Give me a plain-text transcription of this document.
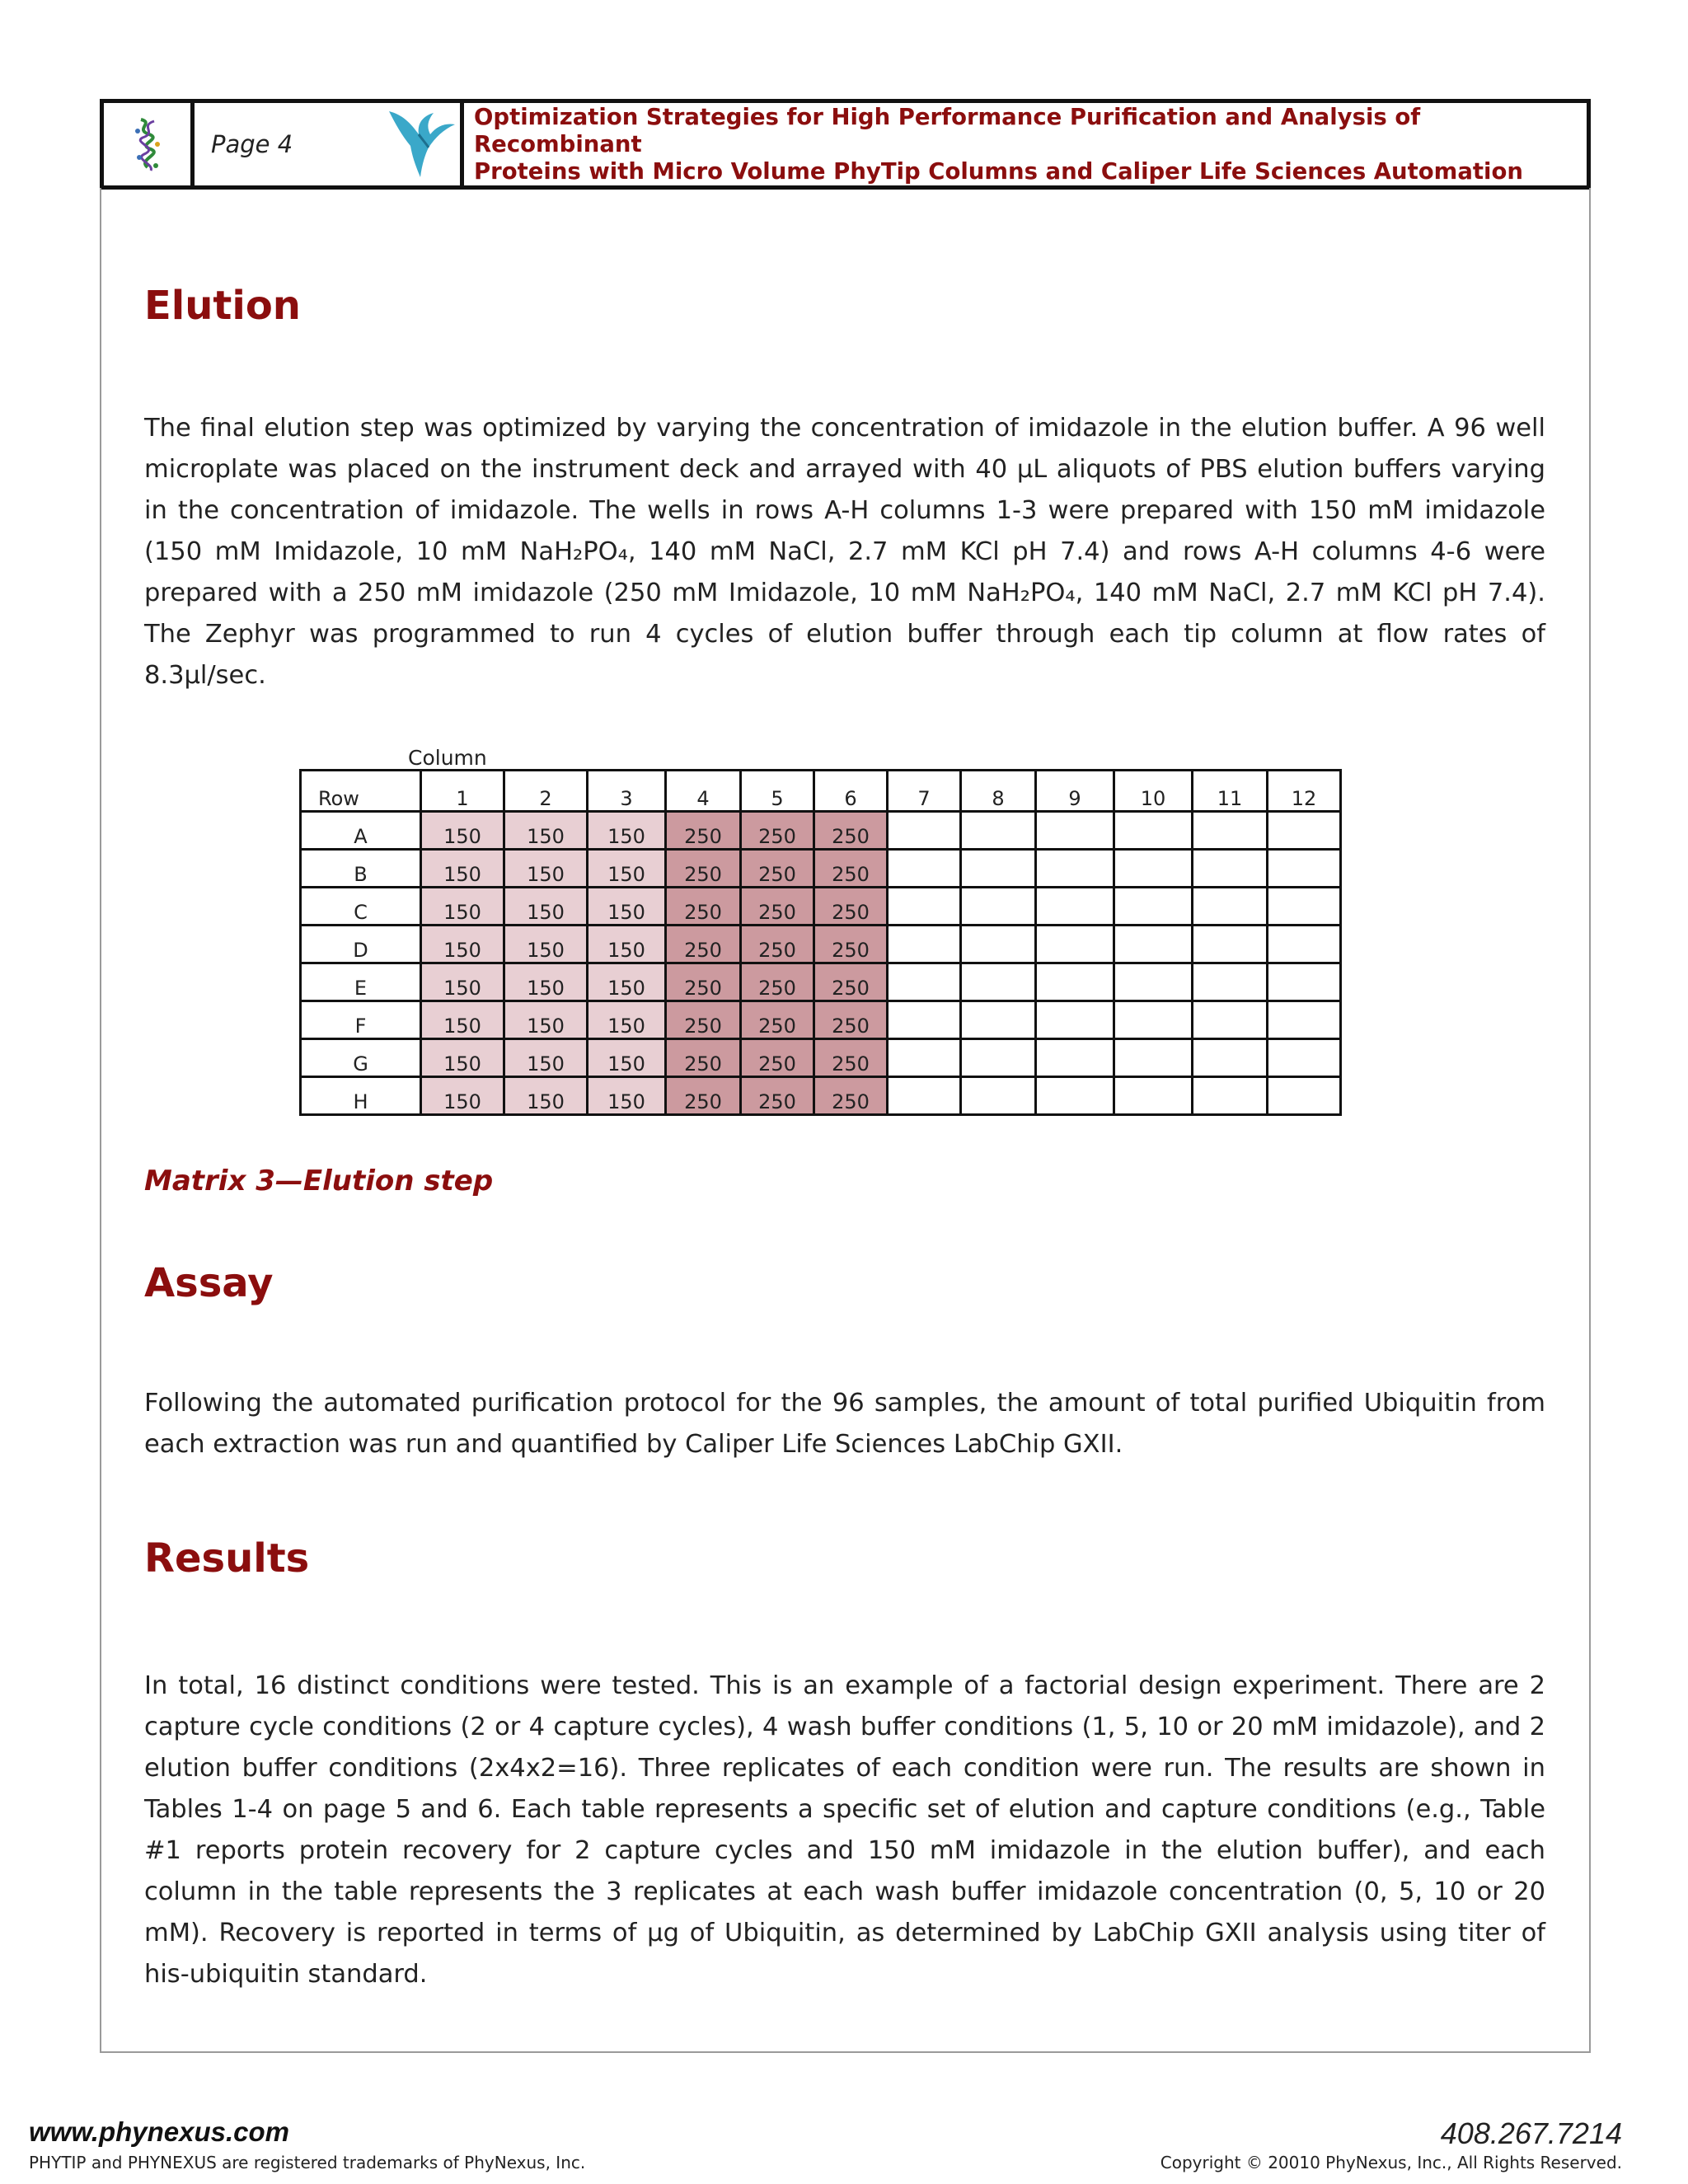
Page 4
Optimization Strategies for High Performance Purification and Analysis of Recombinant
Proteins with Micro Volume PhyTip Columns and Caliper Life Sciences Automation
Elution

The final elution step was optimized by varying the concentration of imidazole in the elution buffer. A 96 well microplate was placed on the instrument deck and arrayed with 40 µL aliquots of PBS elution buffers varying in the concentration of imidazole. The wells in rows A-H columns 1-3 were prepared with 150 mM imidazole (150 mM Imidazole, 10 mM NaH₂PO₄, 140 mM NaCl, 2.7 mM KCl pH 7.4) and rows A-H columns 4-6 were prepared with a 250 mM imidazole (250 mM Imidazole, 10 mM NaH₂PO₄, 140 mM NaCl, 2.7 mM KCl pH 7.4). The Zephyr was programmed to run 4 cycles of elution buffer through each tip column at flow rates of 8.3µl/sec.

Column
Row	1	2	3	4	5	6	7	8	9	10	11	12
A	150	150	150	250	250	250						
B	150	150	150	250	250	250						
C	150	150	150	250	250	250						
D	150	150	150	250	250	250						
E	150	150	150	250	250	250						
F	150	150	150	250	250	250						
G	150	150	150	250	250	250						
H	150	150	150	250	250	250						
Matrix 3—Elution step
Assay

Following the automated purification protocol for the 96 samples, the amount of total purified Ubiquitin from each extraction was run and quantified by Caliper Life Sciences LabChip GXII.

Results

In total, 16 distinct conditions were tested. This is an example of a factorial design experiment. There are 2 capture cycle conditions (2 or 4 capture cycles), 4 wash buffer conditions (1, 5, 10 or 20 mM imidazole), and 2 elution buffer conditions (2x4x2=16). Three replicates of each condition were run. The results are shown in Tables 1-4 on page 5 and 6. Each table represents a specific set of elution and capture conditions (e.g., Table #1 reports protein recovery for 2 capture cycles and 150 mM imidazole in the elution buffer), and each column in the table represents the 3 replicates at each wash buffer imidazole concentration (0, 5, 10 or 20 mM). Recovery is reported in terms of µg of Ubiquitin, as determined by LabChip GXII analysis using titer of his-ubiquitin standard.

www.phynexus.com
PHYTIP and PHYNEXUS are registered trademarks of PhyNexus, Inc.
408.267.7214
Copyright © 20010 PhyNexus, Inc., All Rights Reserved.
